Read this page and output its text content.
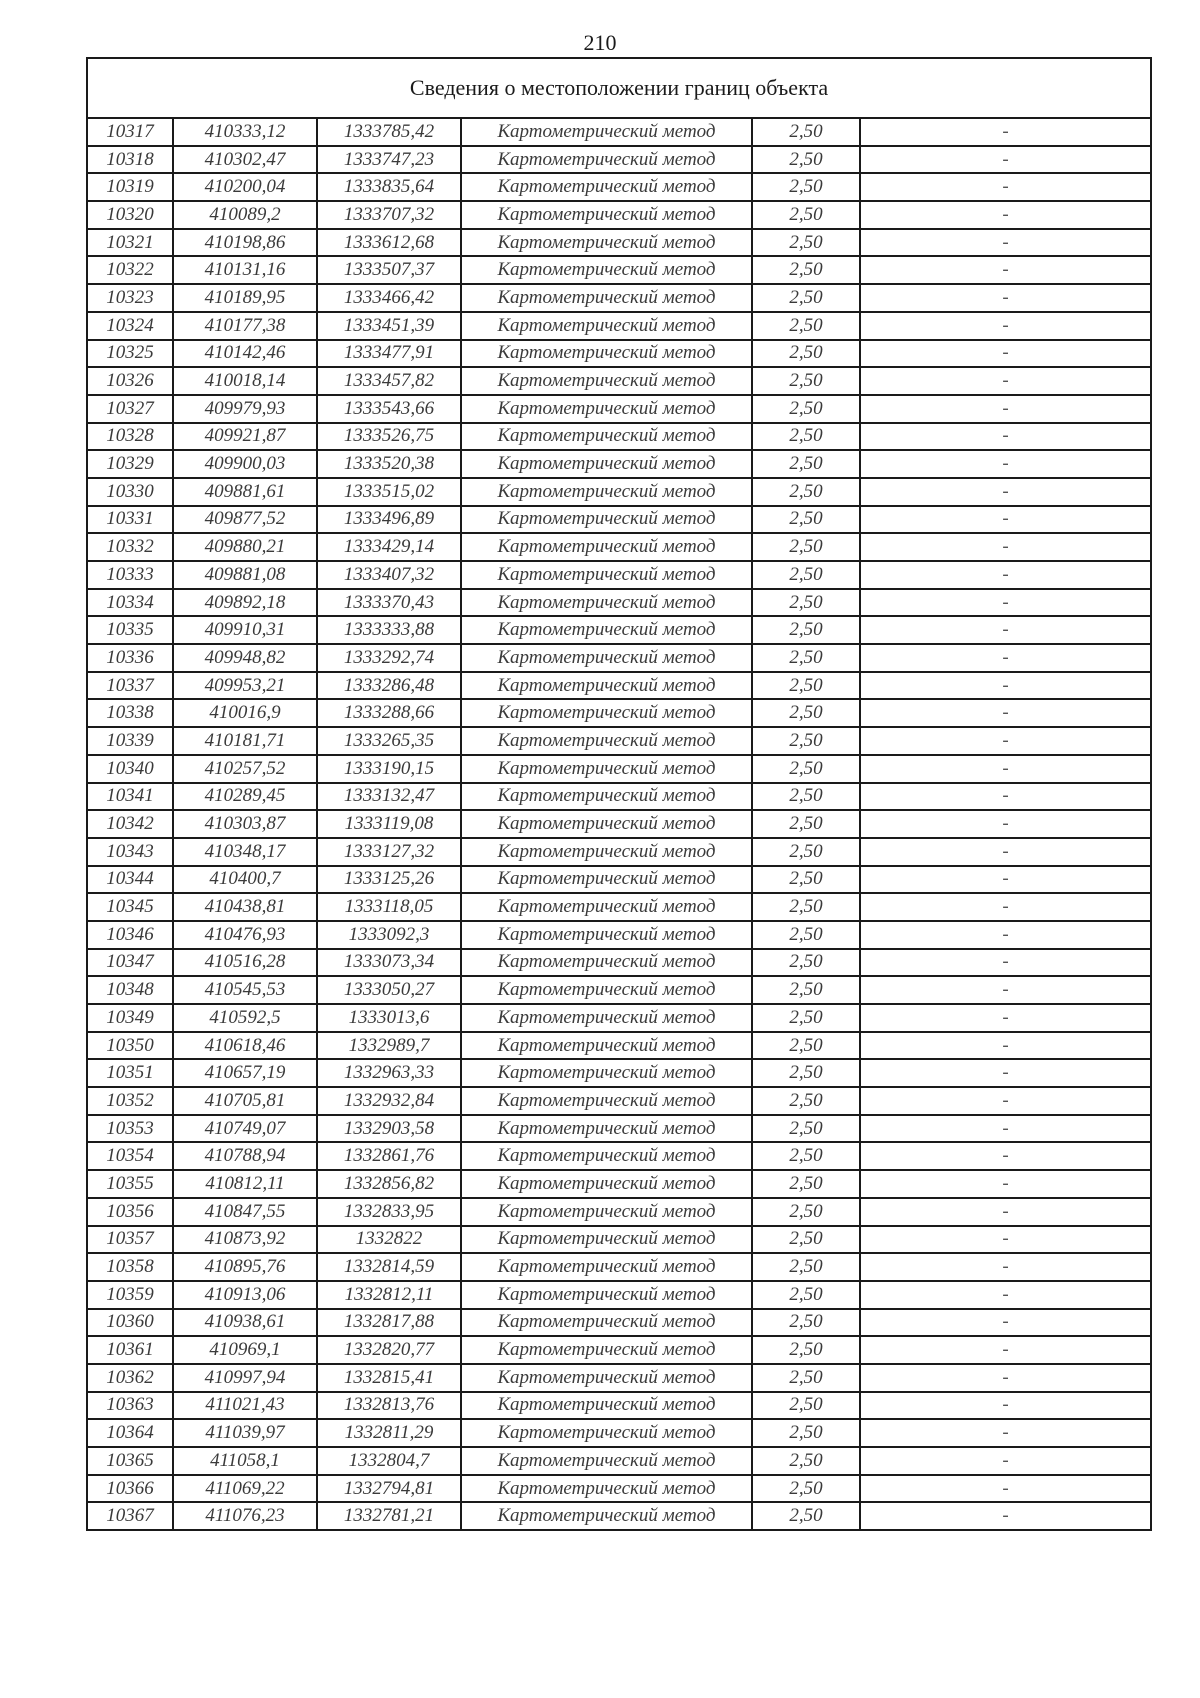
210
Сведения о местоположении границ объекта					
10317	410333,12	1333785,42	Картометрический метод	2,50	-
10318	410302,47	1333747,23	Картометрический метод	2,50	-
10319	410200,04	1333835,64	Картометрический метод	2,50	-
10320	410089,2	1333707,32	Картометрический метод	2,50	-
10321	410198,86	1333612,68	Картометрический метод	2,50	-
10322	410131,16	1333507,37	Картометрический метод	2,50	-
10323	410189,95	1333466,42	Картометрический метод	2,50	-
10324	410177,38	1333451,39	Картометрический метод	2,50	-
10325	410142,46	1333477,91	Картометрический метод	2,50	-
10326	410018,14	1333457,82	Картометрический метод	2,50	-
10327	409979,93	1333543,66	Картометрический метод	2,50	-
10328	409921,87	1333526,75	Картометрический метод	2,50	-
10329	409900,03	1333520,38	Картометрический метод	2,50	-
10330	409881,61	1333515,02	Картометрический метод	2,50	-
10331	409877,52	1333496,89	Картометрический метод	2,50	-
10332	409880,21	1333429,14	Картометрический метод	2,50	-
10333	409881,08	1333407,32	Картометрический метод	2,50	-
10334	409892,18	1333370,43	Картометрический метод	2,50	-
10335	409910,31	1333333,88	Картометрический метод	2,50	-
10336	409948,82	1333292,74	Картометрический метод	2,50	-
10337	409953,21	1333286,48	Картометрический метод	2,50	-
10338	410016,9	1333288,66	Картометрический метод	2,50	-
10339	410181,71	1333265,35	Картометрический метод	2,50	-
10340	410257,52	1333190,15	Картометрический метод	2,50	-
10341	410289,45	1333132,47	Картометрический метод	2,50	-
10342	410303,87	1333119,08	Картометрический метод	2,50	-
10343	410348,17	1333127,32	Картометрический метод	2,50	-
10344	410400,7	1333125,26	Картометрический метод	2,50	-
10345	410438,81	1333118,05	Картометрический метод	2,50	-
10346	410476,93	1333092,3	Картометрический метод	2,50	-
10347	410516,28	1333073,34	Картометрический метод	2,50	-
10348	410545,53	1333050,27	Картометрический метод	2,50	-
10349	410592,5	1333013,6	Картометрический метод	2,50	-
10350	410618,46	1332989,7	Картометрический метод	2,50	-
10351	410657,19	1332963,33	Картометрический метод	2,50	-
10352	410705,81	1332932,84	Картометрический метод	2,50	-
10353	410749,07	1332903,58	Картометрический метод	2,50	-
10354	410788,94	1332861,76	Картометрический метод	2,50	-
10355	410812,11	1332856,82	Картометрический метод	2,50	-
10356	410847,55	1332833,95	Картометрический метод	2,50	-
10357	410873,92	1332822	Картометрический метод	2,50	-
10358	410895,76	1332814,59	Картометрический метод	2,50	-
10359	410913,06	1332812,11	Картометрический метод	2,50	-
10360	410938,61	1332817,88	Картометрический метод	2,50	-
10361	410969,1	1332820,77	Картометрический метод	2,50	-
10362	410997,94	1332815,41	Картометрический метод	2,50	-
10363	411021,43	1332813,76	Картометрический метод	2,50	-
10364	411039,97	1332811,29	Картометрический метод	2,50	-
10365	411058,1	1332804,7	Картометрический метод	2,50	-
10366	411069,22	1332794,81	Картометрический метод	2,50	-
10367	411076,23	1332781,21	Картометрический метод	2,50	-
